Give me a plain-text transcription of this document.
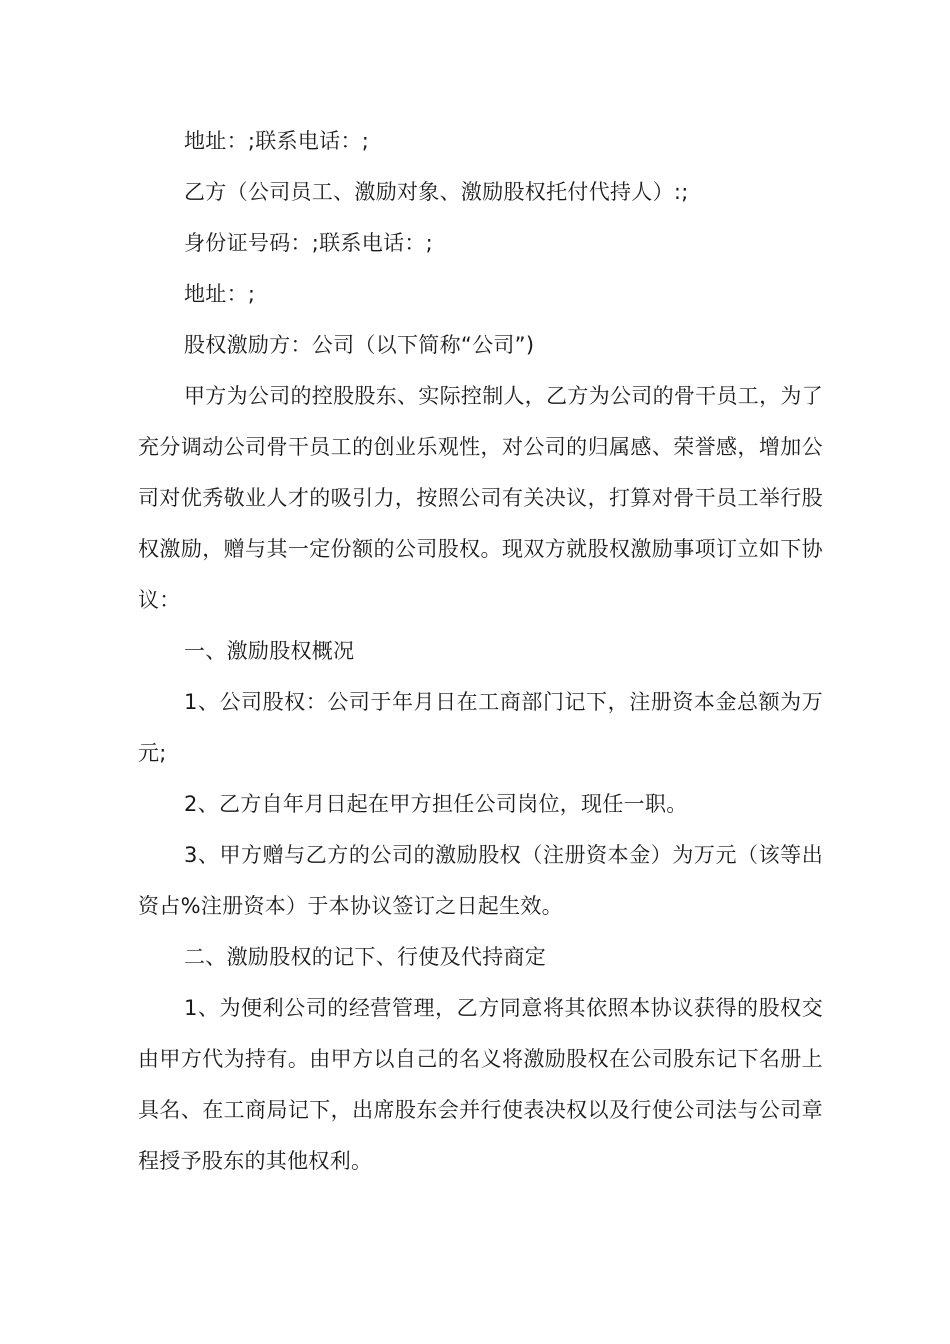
地址：;联系电话：;

乙方（公司员工、激励对象、激励股权托付代持人）:;

身份证号码：;联系电话：;

地址：;

股权激励方：公司（以下简称“公司”)

甲方为公司的控股股东、实际控制人，乙方为公司的骨干员工，为了充分调动公司骨干员工的创业乐观性，对公司的归属感、荣誉感，增加公司对优秀敬业人才的吸引力，按照公司有关决议，打算对骨干员工举行股权激励，赠与其一定份额的公司股权。现双方就股权激励事项订立如下协议：

一、激励股权概况

1、公司股权：公司于年月日在工商部门记下，注册资本金总额为万元;

2、乙方自年月日起在甲方担任公司岗位，现任一职。

3、甲方赠与乙方的公司的激励股权（注册资本金）为万元（该等出资占%注册资本）于本协议签订之日起生效。

二、激励股权的记下、行使及代持商定

1、为便利公司的经营管理，乙方同意将其依照本协议获得的股权交由甲方代为持有。由甲方以自己的名义将激励股权在公司股东记下名册上具名、在工商局记下，出席股东会并行使表决权以及行使公司法与公司章程授予股东的其他权利。
